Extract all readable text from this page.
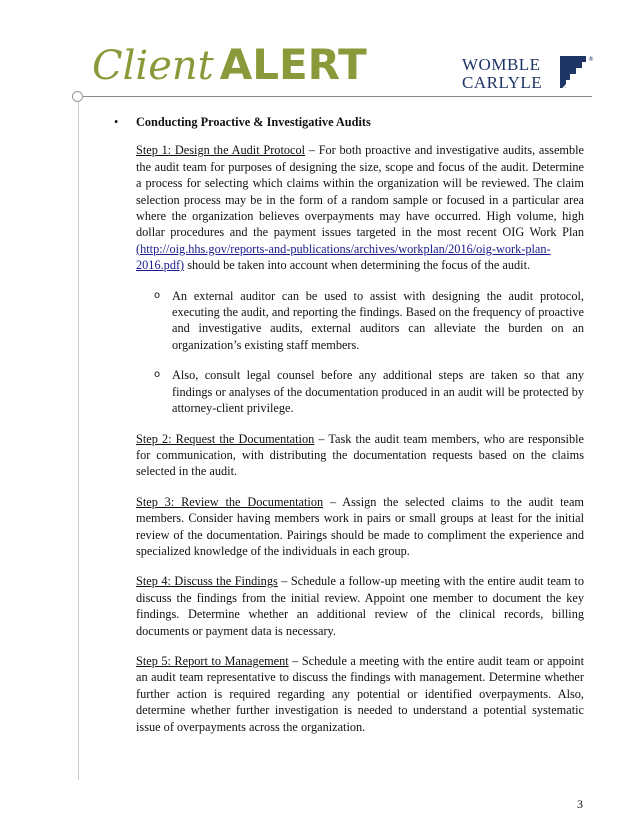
Client ALERT	WOMBLE
CARLYLE
®
• Conducting Proactive & Investigative Audits

Step 1: Design the Audit Protocol – For both proactive and investigative audits, assemble the audit team for purposes of designing the size, scope and focus of the audit. Determine a process for selecting which claims within the organization will be reviewed. The claim selection process may be in the form of a random sample or focused in a particular area where the organization believes overpayments may have occurred. High volume, high dollar procedures and the payment issues targeted in the most recent OIG Work Plan (http://oig.hhs.gov/reports-and-publications/archives/workplan/2016/oig-work-plan-2016.pdf) should be taken into account when determining the focus of the audit.

o An external auditor can be used to assist with designing the audit protocol, executing the audit, and reporting the findings. Based on the frequency of proactive and investigative audits, external auditors can alleviate the burden on an organization’s existing staff members.
o Also, consult legal counsel before any additional steps are taken so that any findings or analyses of the documentation produced in an audit will be protected by attorney-client privilege.

Step 2: Request the Documentation – Task the audit team members, who are responsible for communication, with distributing the documentation requests based on the claims selected in the audit.

Step 3: Review the Documentation – Assign the selected claims to the audit team members. Consider having members work in pairs or small groups at least for the initial review of the documentation. Pairings should be made to compliment the experience and specialized knowledge of the individuals in each group.

Step 4: Discuss the Findings – Schedule a follow-up meeting with the entire audit team to discuss the findings from the initial review. Appoint one member to document the key findings. Determine whether an additional review of the clinical records, billing documents or payment data is necessary.

Step 5: Report to Management – Schedule a meeting with the entire audit team or appoint an audit team representative to discuss the findings with management. Determine whether further action is required regarding any potential or identified overpayments. Also, determine whether further investigation is needed to understand a potential systematic issue of overpayments across the organization.

3
